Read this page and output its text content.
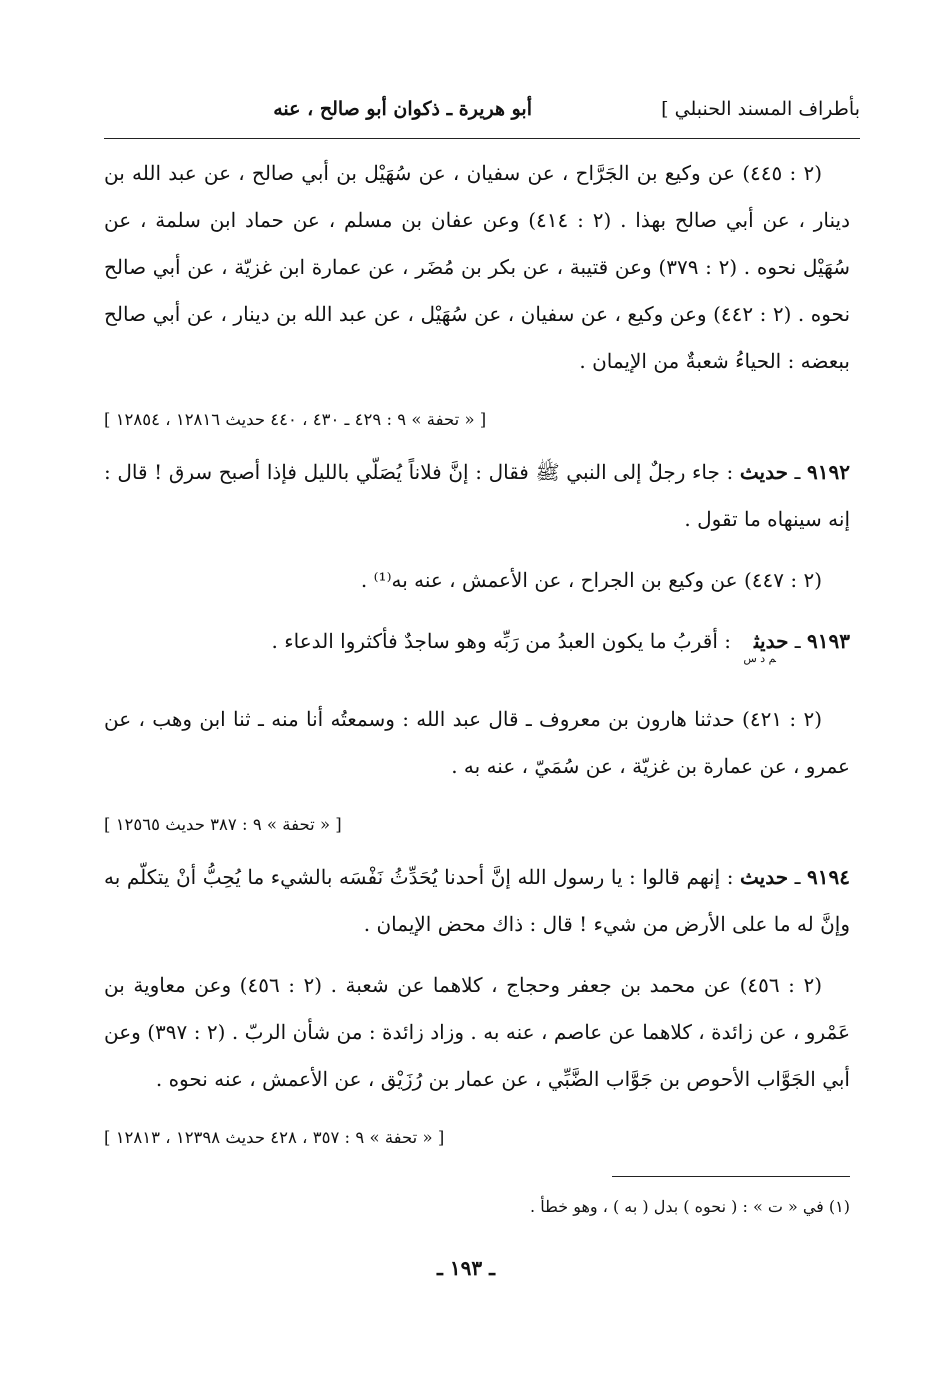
بأطراف المسند الحنبلي ]
أبو هريرة ـ ذكوان أبو صالح ، عنه

(٢ : ٤٤٥) عن وكيع بن الجَرَّاح ، عن سفيان ، عن سُهَيْل بن أبي صالح ، عن عبد الله بن دينار ، عن أبي صالح بهذا . (٢ : ٤١٤) وعن عفان بن مسلم ، عن حماد ابن سلمة ، عن سُهَيْل نحوه . (٢ : ٣٧٩) وعن قتيبة ، عن بكر بن مُضَر ، عن عمارة ابن غزيّة ، عن أبي صالح نحوه . (٢ : ٤٤٢) وعن وكيع ، عن سفيان ، عن سُهَيْل ، عن عبد الله بن دينار ، عن أبي صالح ببعضه : الحياءُ شعبةٌ من الإيمان .

[ « تحفة » ٩ : ٤٢٩ ـ ٤٣٠ ، ٤٤٠ حديث ١٢٨١٦ ، ١٢٨٥٤ ]

٩١٩٢ ـ حديث : جاء رجلٌ إلى النبي ﷺ فقال : إنَّ فلاناً يُصَلّي بالليل فإذا أصبح سرق ! قال : إنه سينهاه ما تقول .

(٢ : ٤٤٧) عن وكيع بن الجراح ، عن الأعمش ، عنه به⁽¹⁾ .

٩١٩٣ ـ حديث$_{م د س}$ : أقربُ ما يكون العبدُ من رَبِّه وهو ساجدٌ فأكثروا الدعاء .

(٢ : ٤٢١) حدثنا هارون بن معروف ـ قال عبد الله : وسمعتُه أنا منه ـ ثنا ابن وهب ، عن عمرو ، عن عمارة بن غزيّة ، عن سُمَيّ ، عنه به .

[ « تحفة » ٩ : ٣٨٧ حديث ١٢٥٦٥ ]

٩١٩٤ ـ حديث : إنهم قالوا : يا رسول الله إنَّ أحدنا يُحَدِّثُ نَفْسَه بالشيء ما يُحِبُّ أنْ يتكلّم به وإنَّ له ما على الأرض من شيء ! قال : ذاك محض الإيمان .

(٢ : ٤٥٦) عن محمد بن جعفر وحجاج ، كلاهما عن شعبة . (٢ : ٤٥٦) وعن معاوية بن عَمْرو ، عن زائدة ، كلاهما عن عاصم ، عنه به . وزاد زائدة : من شأن الربّ . (٢ : ٣٩٧) وعن أبي الجَوَّاب الأحوص بن جَوَّاب الضَّبِّي ، عن عمار بن رُزَيْق ، عن الأعمش ، عنه نحوه .

[ « تحفة » ٩ : ٣٥٧ ، ٤٢٨ حديث ١٢٣٩٨ ، ١٢٨١٣ ]

(١) في « ت » : ( نحوه ) بدل ( به ) ، وهو خطأ .
ـ ١٩٣ ـ
